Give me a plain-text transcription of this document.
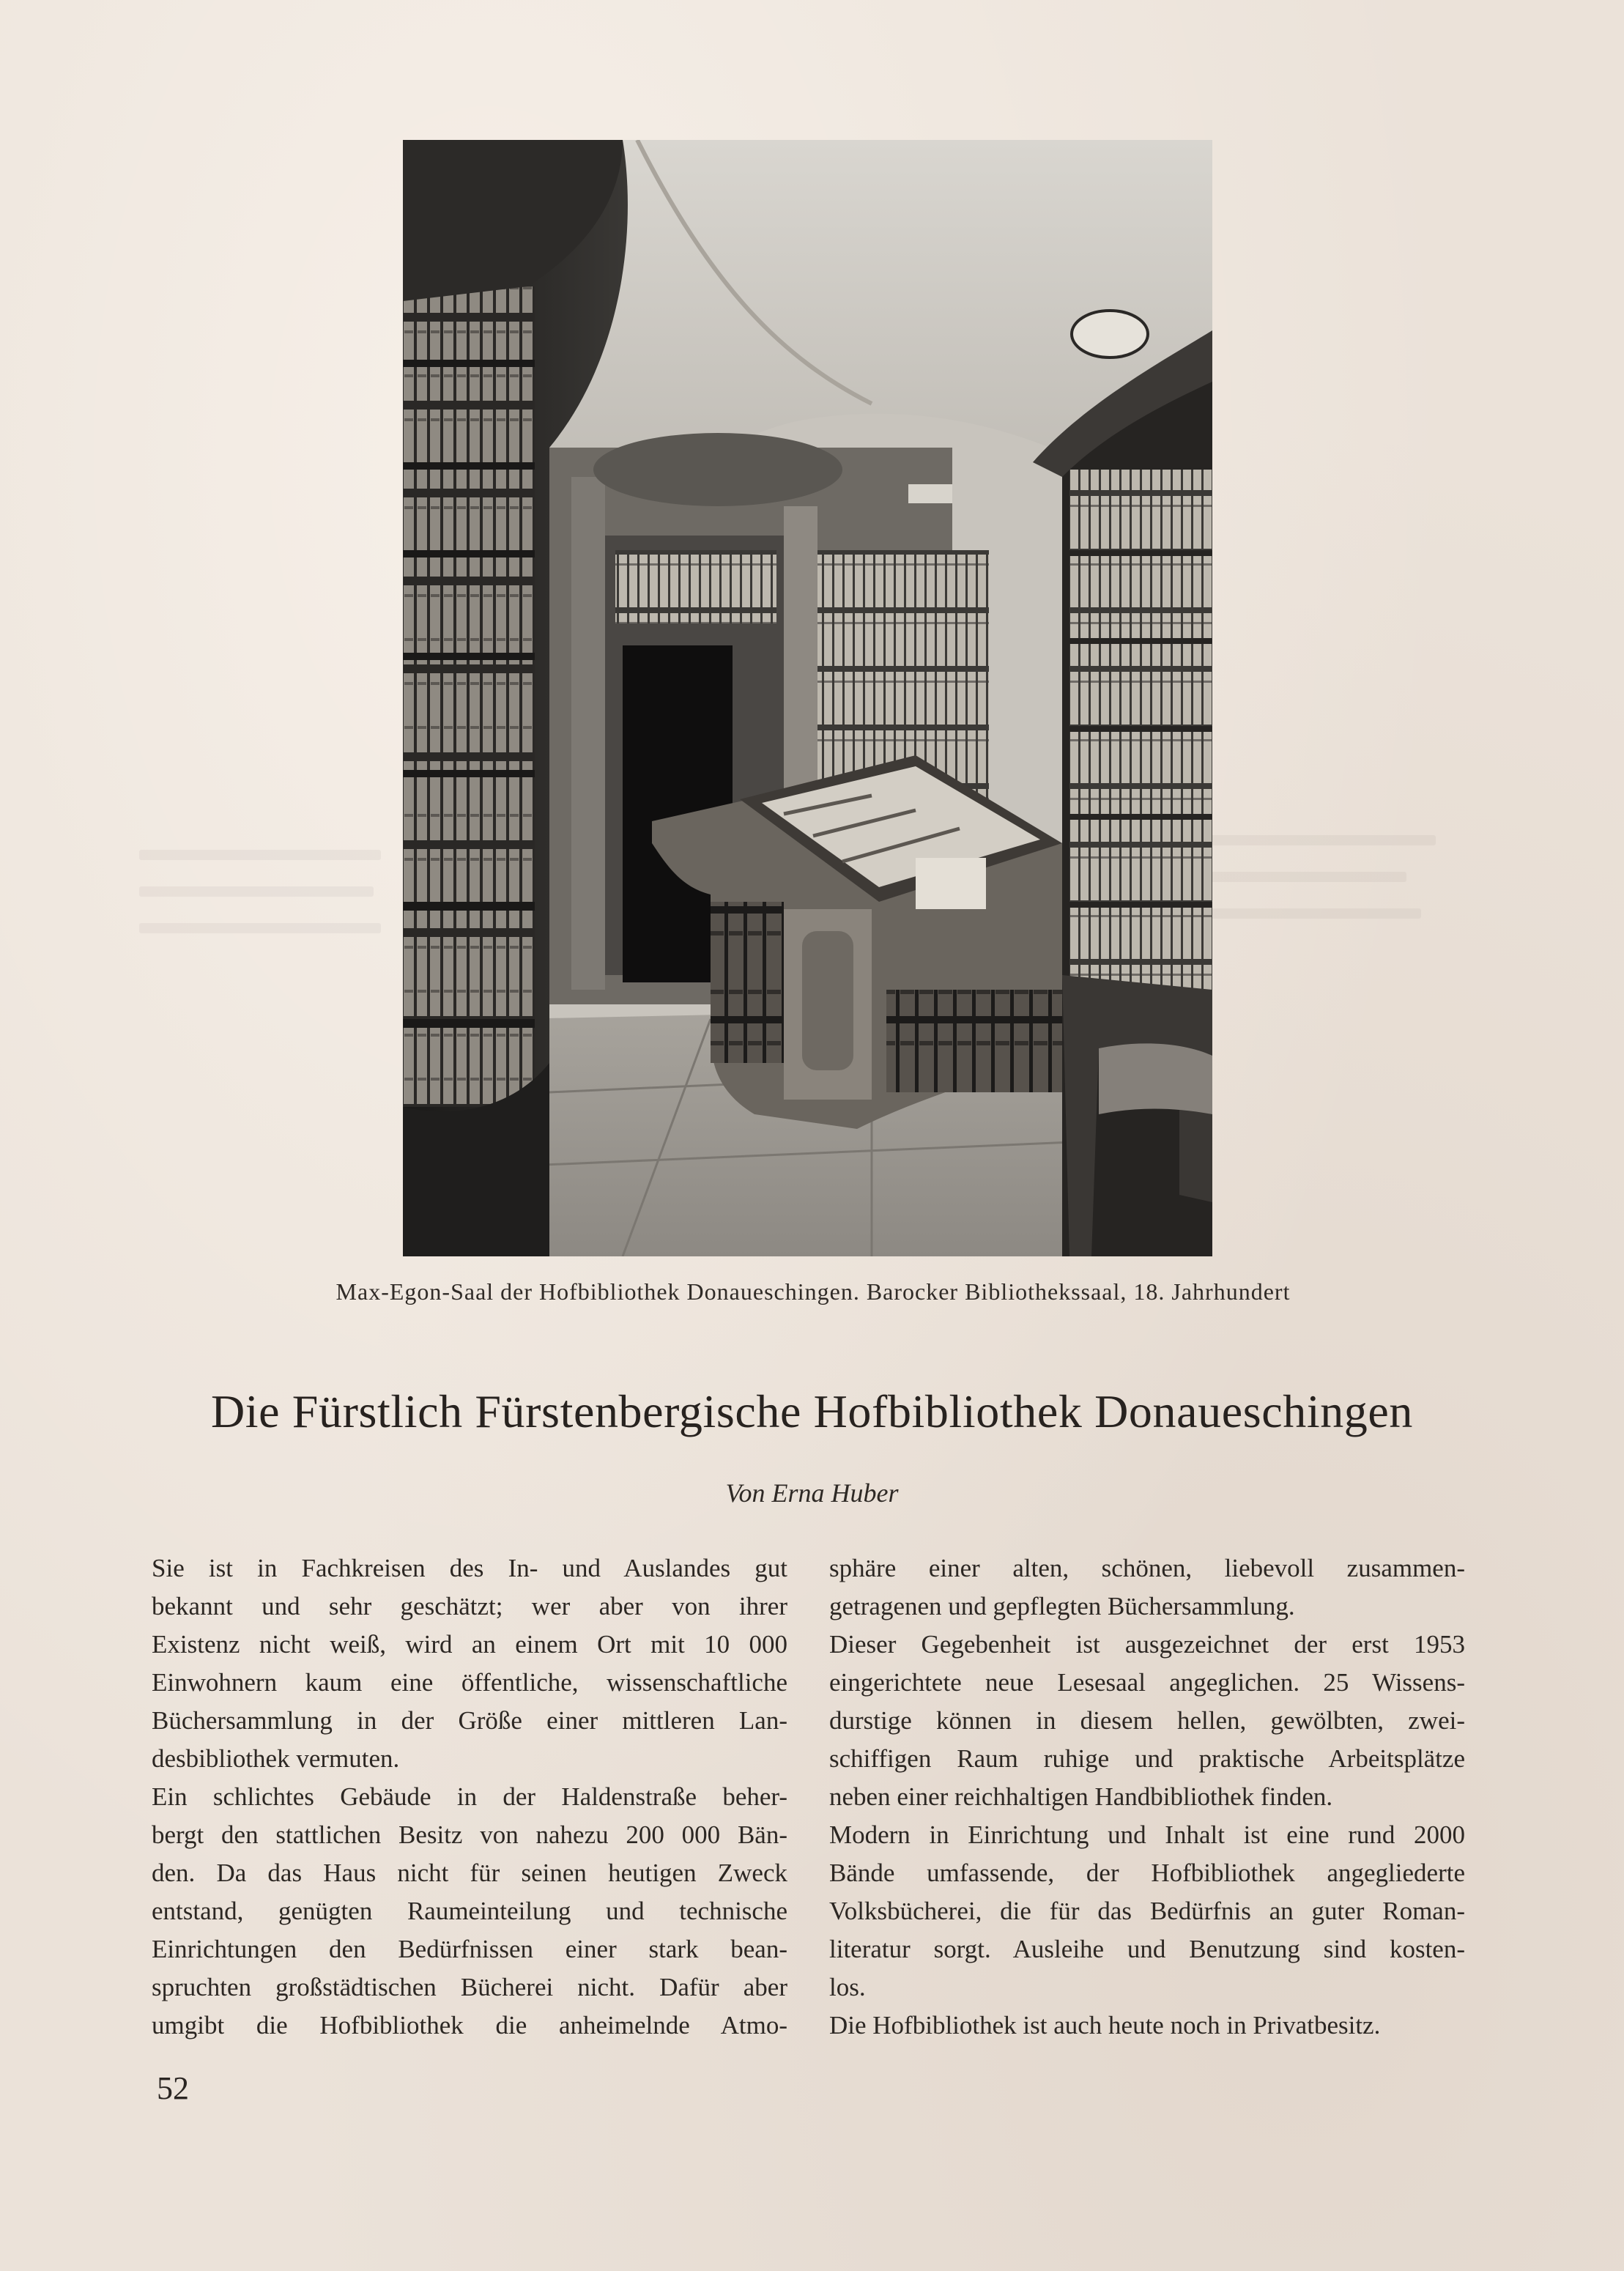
Max-Egon-Saal der Hofbibliothek Donaueschingen. Barocker Bibliothekssaal, 18. Jahrhundert
Die Fürstlich Fürstenbergische Hofbibliothek Donaueschingen
Von Erna Huber
Sie ist in Fachkreisen des In- und Auslandes gut
bekannt und sehr geschätzt; wer aber von ihrer
Existenz nicht weiß, wird an einem Ort mit 10 000
Einwohnern kaum eine öffentliche, wissenschaftliche
Büchersammlung in der Größe einer mittleren Lan-
desbibliothek vermuten.
Ein schlichtes Gebäude in der Haldenstraße beher-
bergt den stattlichen Besitz von nahezu 200 000 Bän-
den. Da das Haus nicht für seinen heutigen Zweck
entstand, genügten Raumeinteilung und technische
Einrichtungen den Bedürfnissen einer stark bean-
spruchten großstädtischen Bücherei nicht. Dafür aber
umgibt die Hofbibliothek die anheimelnde Atmo-
sphäre einer alten, schönen, liebevoll zusammen-
getragenen und gepflegten Büchersammlung.
Dieser Gegebenheit ist ausgezeichnet der erst 1953
eingerichtete neue Lesesaal angeglichen. 25 Wissens-
durstige können in diesem hellen, gewölbten, zwei-
schiffigen Raum ruhige und praktische Arbeitsplätze
neben einer reichhaltigen Handbibliothek finden.
Modern in Einrichtung und Inhalt ist eine rund 2000
Bände umfassende, der Hofbibliothek angegliederte
Volksbücherei, die für das Bedürfnis an guter Roman-
literatur sorgt. Ausleihe und Benutzung sind kosten-
los.
Die Hofbibliothek ist auch heute noch in Privatbesitz.
52
